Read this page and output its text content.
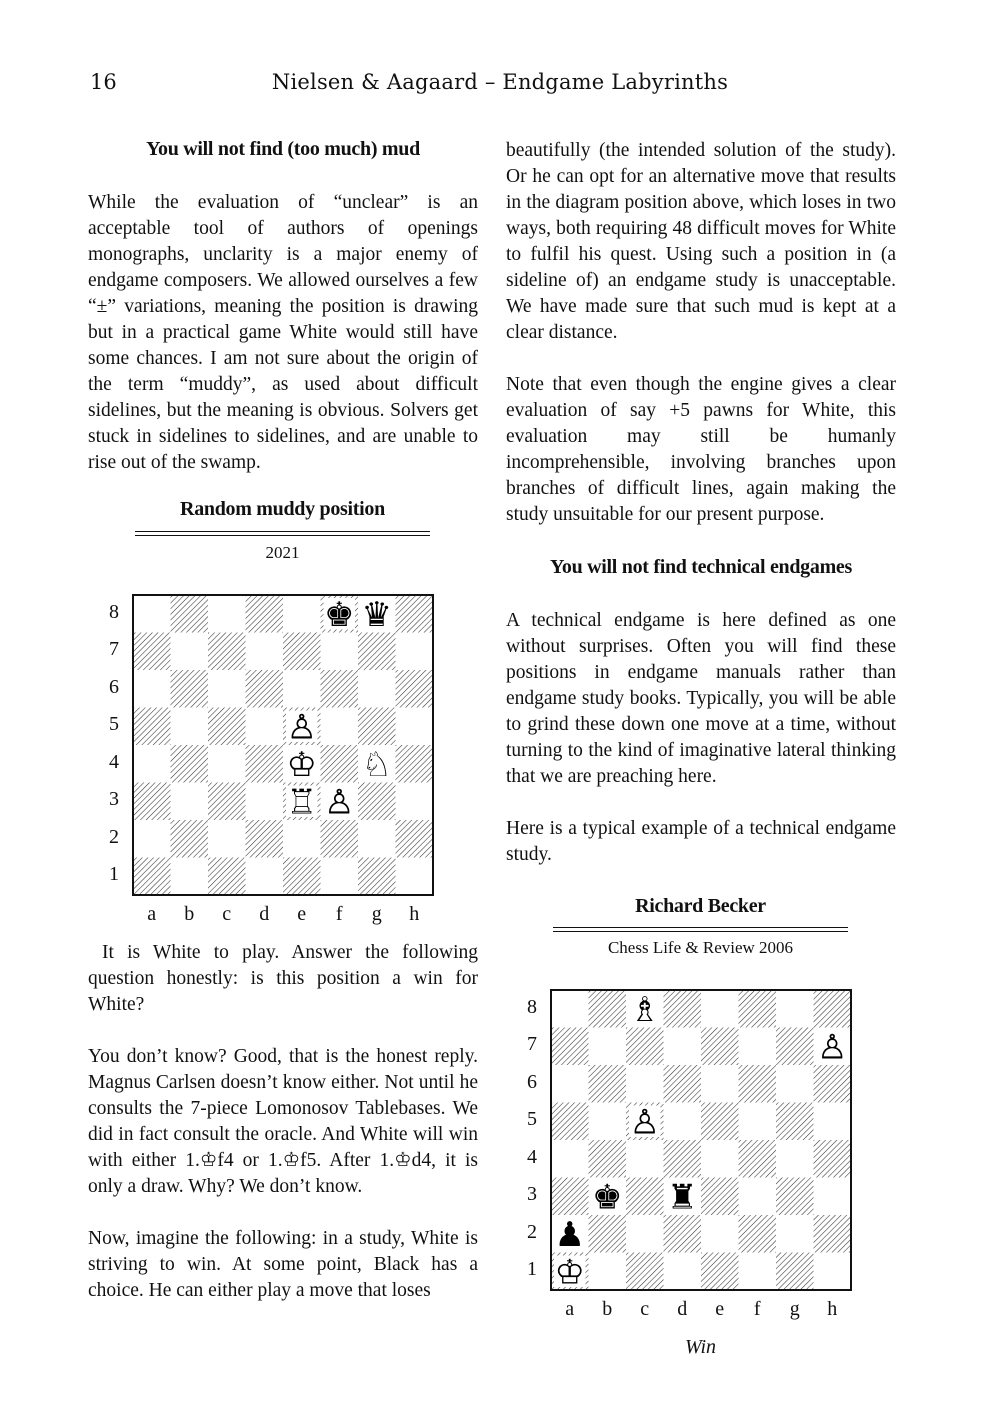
16	Nielsen & Aagaard – Endgame Labyrinths
You will not find (too much) mud

While the evaluation of “unclear” is an acceptable tool of authors of openings monographs, unclarity is a major enemy of endgame composers. We allowed ourselves a few “±” variations, meaning the position is drawing but in a practical game White would still have some chances. I am not sure about the origin of the term “muddy”, as used about difficult sidelines, but the meaning is obvious. Solvers get stuck in sidelines to sidelines, and are unable to rise out of the swamp.

Random muddy position
2021
♚ ♛
♙
♔ ♘
♖ ♙
8
7
6
5
4
3
2
1
a	b	c	d	e	f	g	h

It is White to play. Answer the following question honestly: is this position a win for White?

You don’t know? Good, that is the honest reply. Magnus Carlsen doesn’t know either. Not until he consults the 7-piece Lomonosov Tablebases. We did in fact consult the oracle. And White will win with either 1.♔f4 or 1.♔f5. After 1.♔d4, it is only a draw. Why? We don’t know.

Now, imagine the following: in a study, White is striving to win. At some point, Black has a choice. He can either play a move that loses

beautifully (the intended solution of the study). Or he can opt for an alternative move that results in the diagram position above, which loses in two ways, both requiring 48 difficult moves for White to fulfil his quest. Using such a position in (a sideline of) an endgame study is unacceptable. We have made sure that such mud is kept at a clear distance.

Note that even though the engine gives a clear evaluation of say +5 pawns for White, this evaluation may still be humanly incomprehensible, involving branches upon branches of difficult lines, again making the study unsuitable for our present purpose.

You will not find technical endgames

A technical endgame is here defined as one without surprises. Often you will find these positions in endgame manuals rather than endgame study books. Typically, you will be able to grind these down one move at a time, without turning to the kind of imaginative lateral thinking that we are preaching here.

Here is a typical example of a technical endgame study.

Richard Becker
Chess Life & Review 2006
♗
♙
♙
♚ ♜
♟
♔
8
7
6
5
4
3
2
1
a	b	c	d	e	f	g	h
Win
